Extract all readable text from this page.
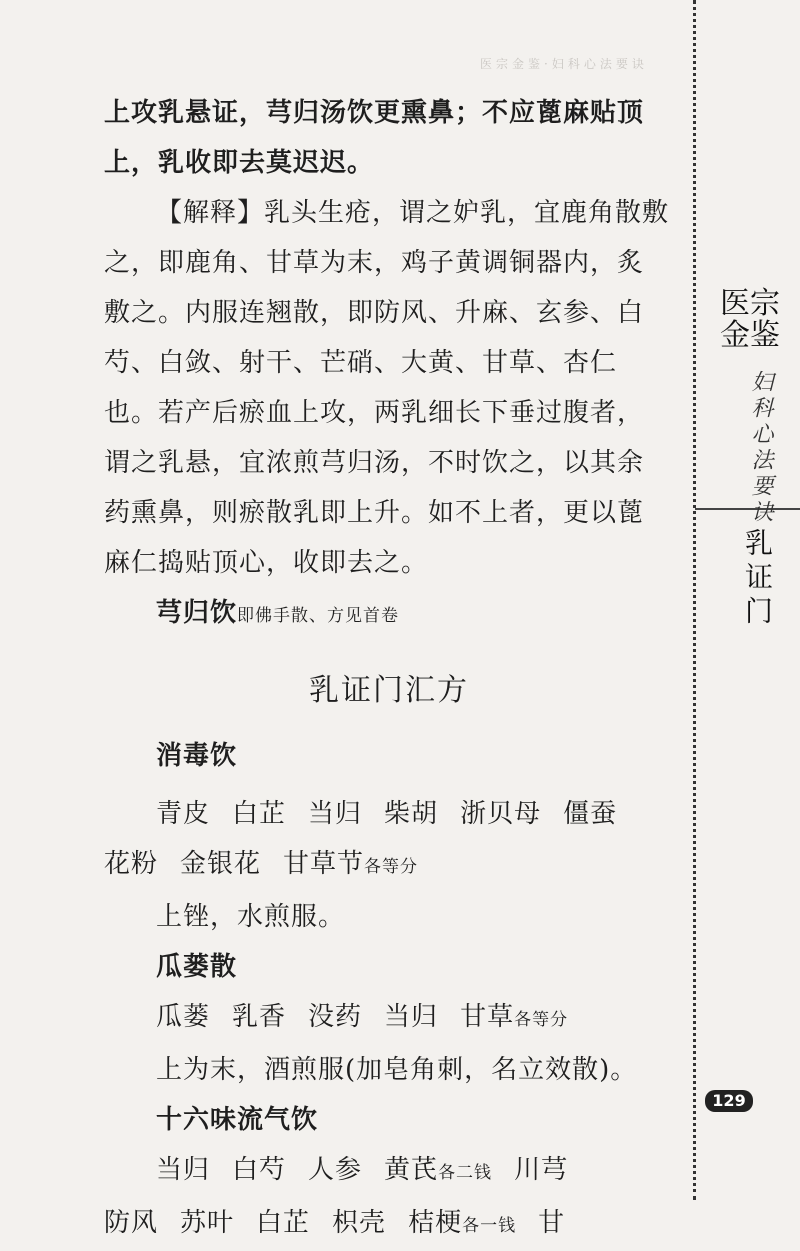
医宗金鉴·妇科心法要诀

上攻乳悬证，芎归汤饮更熏鼻；不应蓖麻贴顶

上，乳收即去莫迟迟。

【解释】乳头生疮，谓之妒乳，宜鹿角散敷

之，即鹿角、甘草为末，鸡子黄调铜器内，炙

敷之。内服连翘散，即防风、升麻、玄参、白

芍、白敛、射干、芒硝、大黄、甘草、杏仁

也。若产后瘀血上攻，两乳细长下垂过腹者，

谓之乳悬，宜浓煎芎归汤，不时饮之，以其余

药熏鼻，则瘀散乳即上升。如不上者，更以蓖

麻仁捣贴顶心，收即去之。

芎归饮即佛手散、方见首卷

乳证门汇方

消毒饮

青皮 白芷 当归 柴胡 浙贝母 僵蚕

花粉 金银花 甘草节各等分

上锉，水煎服。

瓜蒌散

瓜蒌 乳香 没药 当归 甘草各等分

上为末，酒煎服(加皂角刺，名立效散)。

十六味流气饮

当归 白芍 人参 黄芪各二钱 川芎

防风 苏叶 白芷 枳壳 桔梗各一钱 甘

医宗金鉴
妇科心法要诀
乳证门
129
